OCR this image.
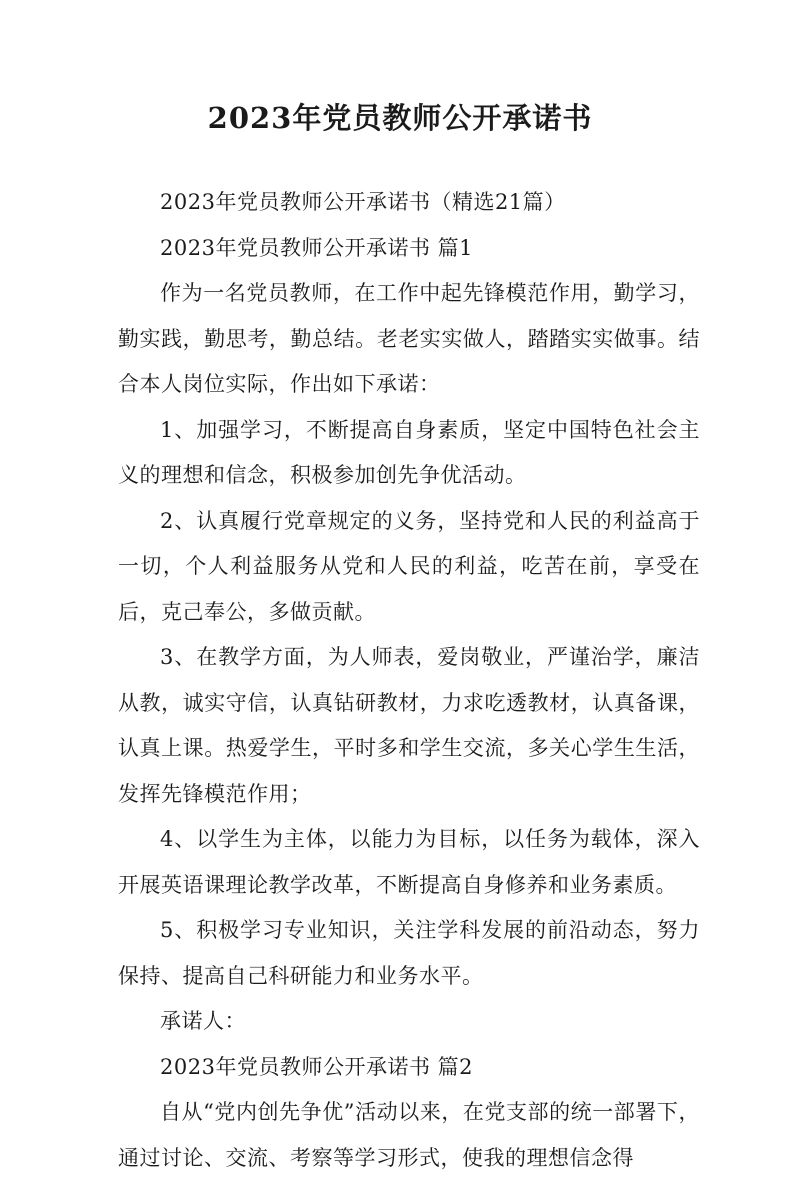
2023年党员教师公开承诺书

2023年党员教师公开承诺书（精选21篇）

2023年党员教师公开承诺书 篇1

作为一名党员教师，在工作中起先锋模范作用，勤学习，勤实践，勤思考，勤总结。老老实实做人，踏踏实实做事。结合本人岗位实际，作出如下承诺：

1、加强学习，不断提高自身素质，坚定中国特色社会主义的理想和信念，积极参加创先争优活动。

2、认真履行党章规定的义务，坚持党和人民的利益高于一切，个人利益服务从党和人民的利益，吃苦在前，享受在后，克己奉公，多做贡献。

3、在教学方面，为人师表，爱岗敬业，严谨治学，廉洁从教，诚实守信，认真钻研教材，力求吃透教材，认真备课，认真上课。热爱学生，平时多和学生交流，多关心学生生活，发挥先锋模范作用；

4、以学生为主体，以能力为目标，以任务为载体，深入开展英语课理论教学改革，不断提高自身修养和业务素质。

5、积极学习专业知识，关注学科发展的前沿动态，努力保持、提高自己科研能力和业务水平。

承诺人：

2023年党员教师公开承诺书 篇2

自从“党内创先争优”活动以来，在党支部的统一部署下，通过讨论、交流、考察等学习形式，使我的理想信念得
